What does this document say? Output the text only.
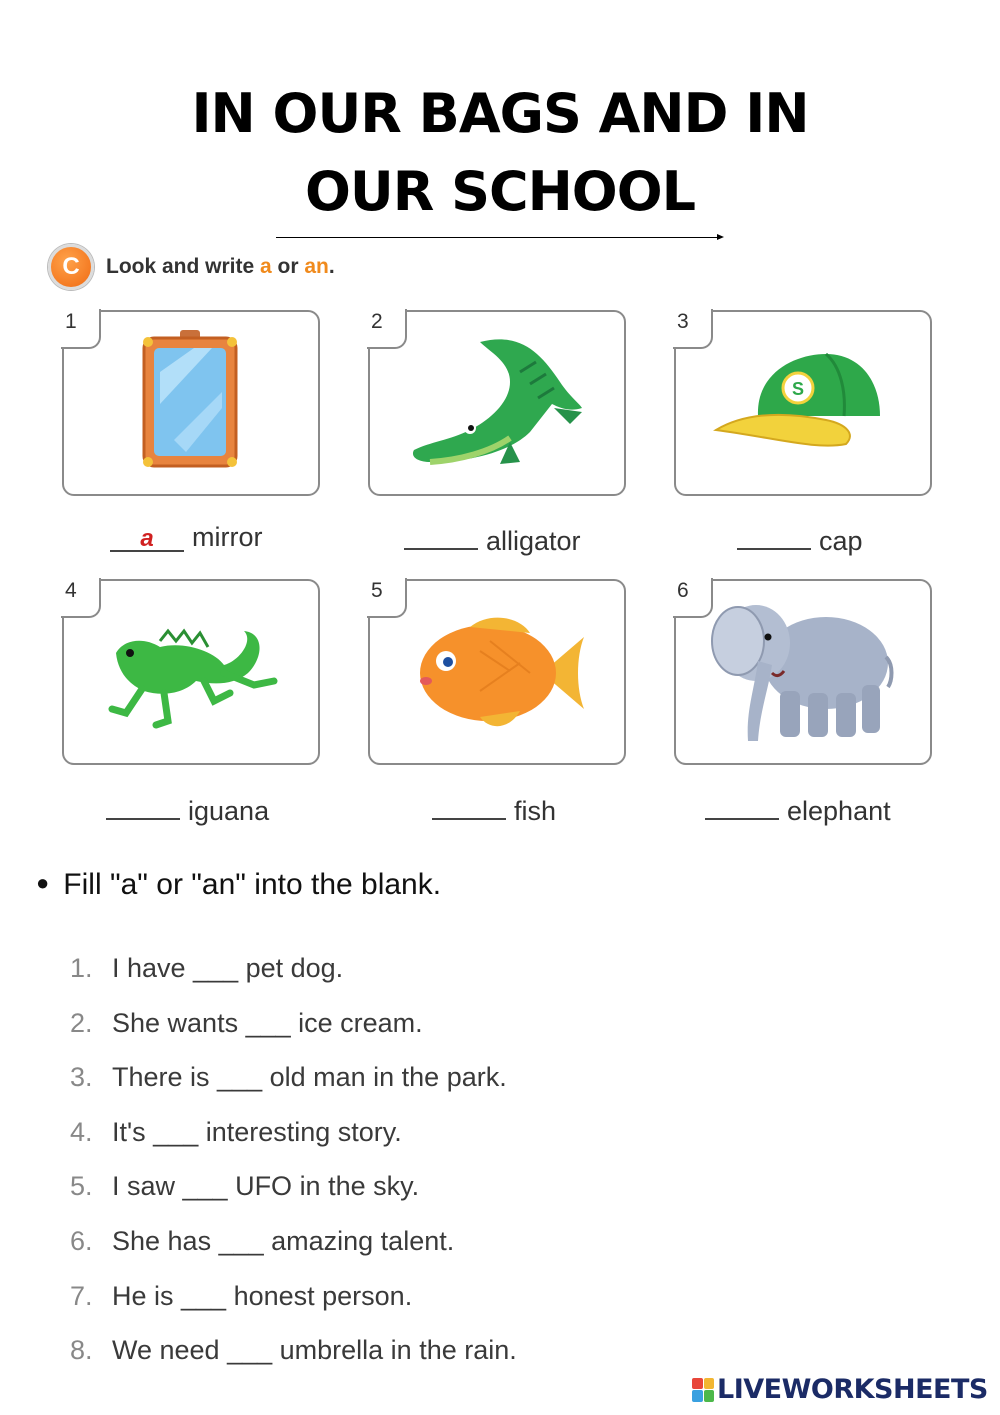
IN OUR BAGS AND IN
OUR SCHOOL
C	Look and write a or an.
1
a mirror
2
alligator
S
3
cap
4
iguana
5
fish
6
elephant
● Fill "a" or "an" into the blank.
1. I have ___ pet dog.
2. She wants ___ ice cream.
3. There is ___ old man in the park.
4. It's ___ interesting story.
5. I saw ___ UFO in the sky.
6. She has ___ amazing talent.
7. He is ___ honest person.
8. We need ___ umbrella in the rain.
LIVEWORKSHEETS
